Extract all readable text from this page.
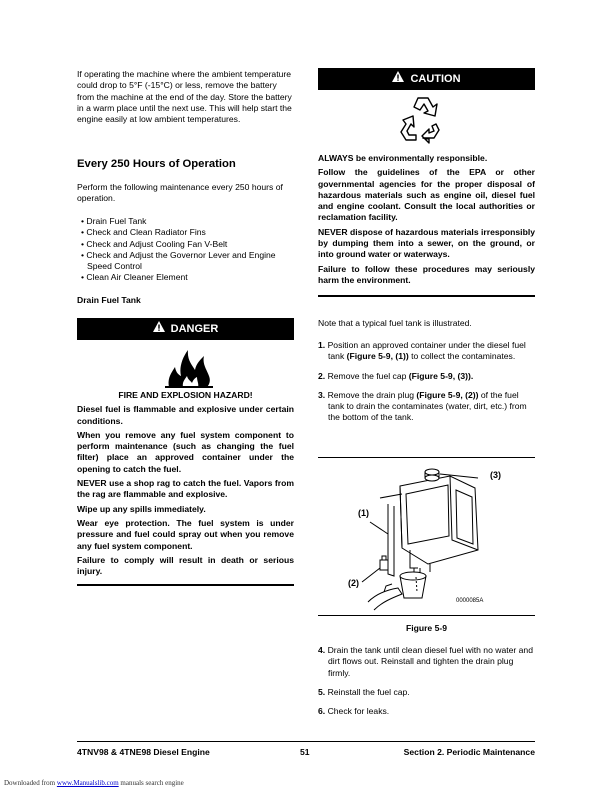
If operating the machine where the ambient temperature could drop to 5°F (-15°C) or less, remove the battery from the machine at the end of the day. Store the battery in a warm place until the next use. This will help start the engine easily at low ambient temperatures.

Every 250 Hours of Operation

Perform the following maintenance every 250 hours of operation.

• Drain Fuel Tank
• Check and Clean Radiator Fins
• Check and Adjust Cooling Fan V-Belt
• Check and Adjust the Governor Lever and Engine Speed Control
• Clean Air Cleaner Element
Drain Fuel Tank
DANGER

FIRE AND EXPLOSION HAZARD!

Diesel fuel is flammable and explosive under certain conditions.

When you remove any fuel system component to perform maintenance (such as changing the fuel filter) place an approved container under the opening to catch the fuel.

NEVER use a shop rag to catch the fuel. Vapors from the rag are flammable and explosive.

Wipe up any spills immediately.

Wear eye protection. The fuel system is under pressure and fuel could spray out when you remove any fuel system component.

Failure to comply will result in death or serious injury.

CAUTION

ALWAYS be environmentally responsible.

Follow the guidelines of the EPA or other governmental agencies for the proper disposal of hazardous materials such as engine oil, diesel fuel and engine coolant. Consult the local authorities or reclamation facility.

NEVER dispose of hazardous materials irresponsibly by dumping them into a sewer, on the ground, or into ground water or waterways.

Failure to follow these procedures may seriously harm the environment.

Note that a typical fuel tank is illustrated.

1. Position an approved container under the diesel fuel tank (Figure 5-9, (1)) to collect the contaminates.
2. Remove the fuel cap (Figure 5-9, (3)).
3. Remove the drain plug (Figure 5-9, (2)) of the fuel tank to drain the contaminates (water, dirt, etc.) from the bottom of the tank.
(1)
(2)
(3)
0000085A
Figure 5-9
4. Drain the tank until clean diesel fuel with no water and dirt flows out. Reinstall and tighten the drain plug firmly.
5. Reinstall the fuel cap.
6. Check for leaks.
4TNV98 & 4TNE98 Diesel Engine	51	Section 2. Periodic Maintenance
Downloaded from www.Manualslib.com manuals search engine
